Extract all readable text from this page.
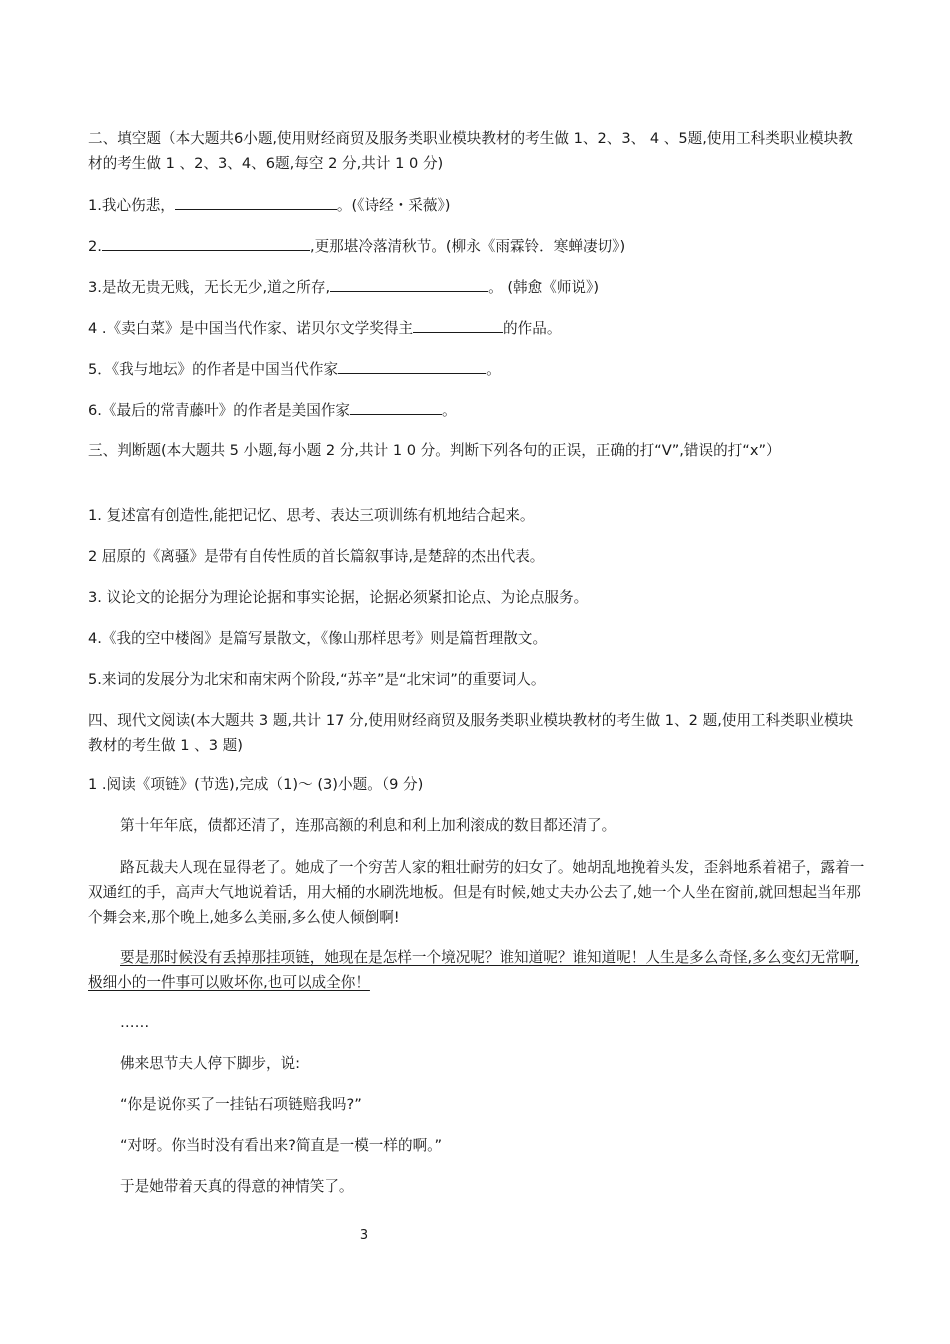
二、填空题（本大题共6小题,使用财经商贸及服务类职业模块教材的考生做 1、2、3、 4 、5题,使用工科类职业模块教材的考生做 1 、2、3、4、6题,每空 2 分,共计 1 0 分)
1.我心伤悲，	。(《诗经・采薇》)
2.	,更那堪冷落清秋节。(柳永《雨霖铃．寒蝉凄切》)
3.是故无贵无贱，无长无少,道之所存,	。 (韩愈《师说》)
4 .《卖白菜》是中国当代作家、诺贝尔文学奖得主	的作品。
5．《我与地坛》的作者是中国当代作家	。
6.《最后的常青藤叶》的作者是美国作家	。
三、判断题(本大题共 5 小题,每小题 2 分,共计 1 0 分。判断下列各句的正误，正确的打“V”,错误的打“x”）
1. 复述富有创造性,能把记忆、思考、表达三项训练有机地结合起来。
2 屈原的《离骚》是带有自传性质的首长篇叙事诗,是楚辞的杰出代表。
3. 议论文的论据分为理论论据和事实论据，论据必须紧扣论点、为论点服务。
4.《我的空中楼阁》是篇写景散文，《像山那样思考》则是篇哲理散文。
5.来词的发展分为北宋和南宋两个阶段,“苏辛”是“北宋词”的重要词人。
四、现代文阅读(本大题共 3 题,共计 17 分,使用财经商贸及服务类职业模块教材的考生做 1、2 题,使用工科类职业模块教材的考生做 1 、3 题)
1 .阅读《项链》(节选),完成（1)～ (3)小题。（9 分)
第十年年底，债都还清了，连那高额的利息和利上加利滚成的数目都还清了。
路瓦裁夫人现在显得老了。她成了一个穷苦人家的粗壮耐劳的妇女了。她胡乱地挽着头发，歪斜地系着裙子，露着一双通红的手，高声大气地说着话，用大桶的水刷洗地板。但是有时候,她丈夫办公去了,她一个人坐在窗前,就回想起当年那个舞会来,那个晚上,她多么美丽,多么使人倾倒啊!
要是那时候没有丢掉那挂项链，她现在是怎样一个境况呢？谁知道呢？谁知道呢！人生是多么奇怪,多么变幻无常啊,极细小的一件事可以败坏你,也可以成全你！
……
佛来思节夫人停下脚步，说:
“你是说你买了一挂钻石项链赔我吗?”
“对呀。你当时没有看出来?简直是一模一样的啊。”
于是她带着天真的得意的神情笑了。
3
